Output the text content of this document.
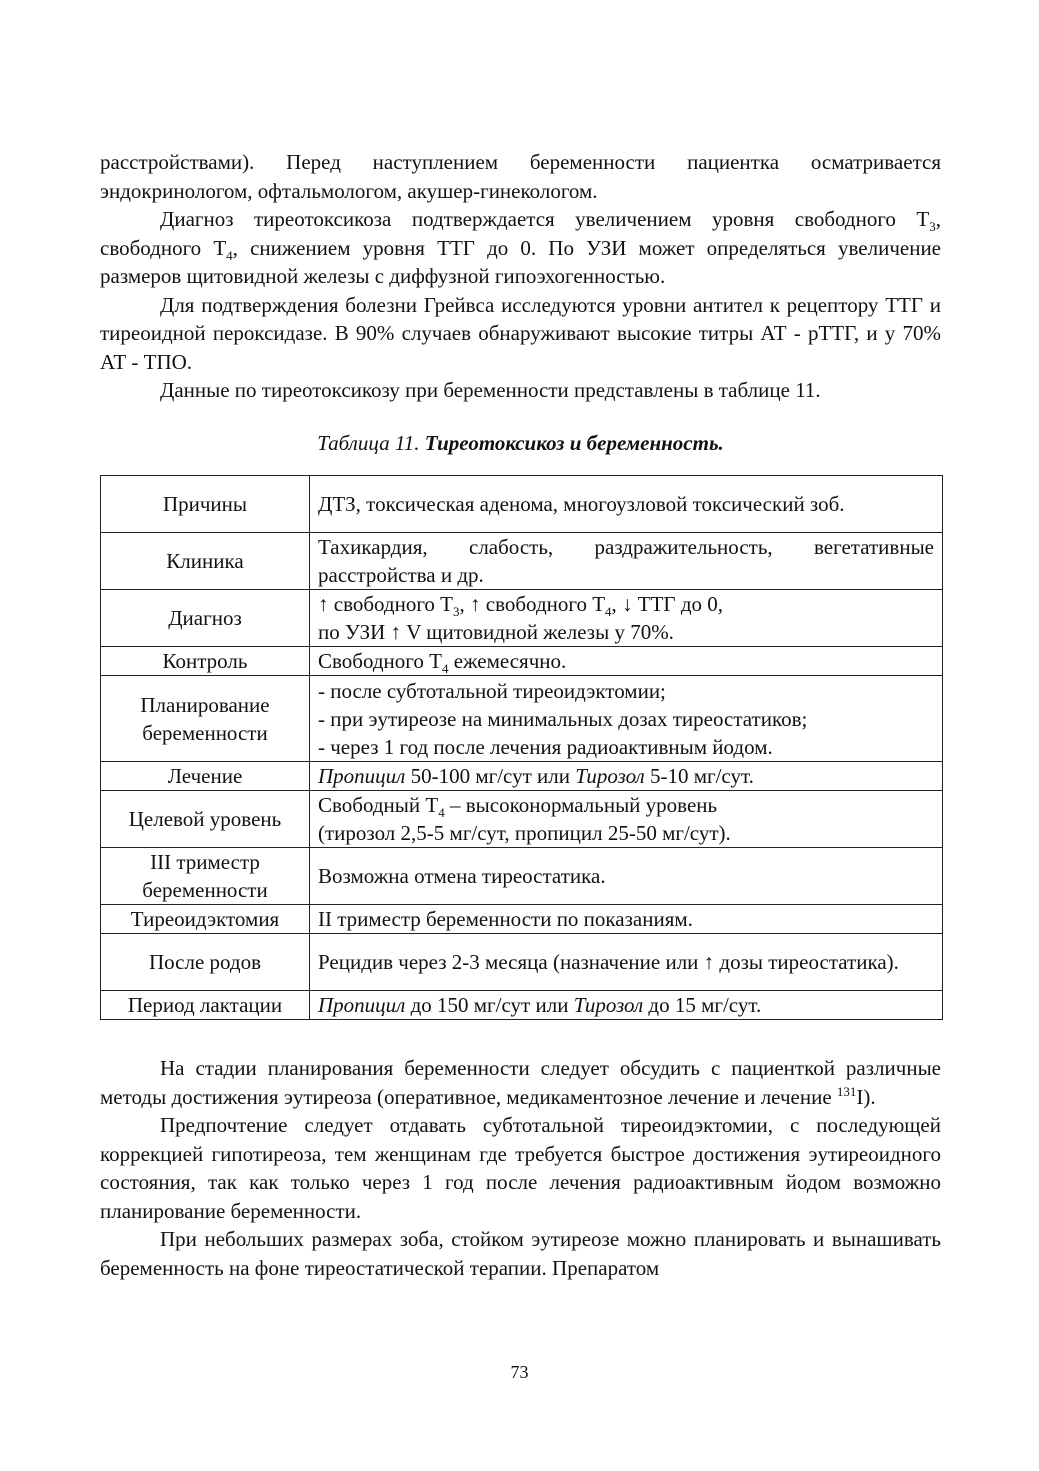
расстройствами). Перед наступлением беременности пациентка осматривается эндокринологом, офтальмологом, акушер-гинекологом.

Диагноз тиреотоксикоза подтверждается увеличением уровня свободного $Т_3$, свободного $Т_4$, снижением уровня ТТГ до 0. По УЗИ может определяться увеличение размеров щитовидной железы с диффузной гипоэхогенностью.

Для подтверждения болезни Грейвса исследуются уровни антител к рецептору ТТГ и тиреоидной пероксидазе. В 90% случаев обнаруживают высокие титры АТ - рТТГ, и у 70% АТ - ТПО.

Данные по тиреотоксикозу при беременности представлены в таблице 11.

Таблица 11. Тиреотоксикоз и беременность.
Причины	ДТЗ, токсическая аденома, многоузловой токсический зоб.
Клиника	Тахикардия, слабость, раздражительность, вегетативные расстройства и др.
Диагноз	↑ свободного $Т_3$, ↑ свободного $Т_4$, ↓ ТТГ до 0,
по УЗИ ↑ V щитовидной железы у 70%.
Контроль	Свободного $Т_4$ ежемесячно.
Планирование
беременности	- после субтотальной тиреоидэктомии;
- при эутиреозе на минимальных дозах тиреостатиков;
- через 1 год после лечения радиоактивным йодом.
Лечение	Пропицил 50-100 мг/сут или Тирозол 5-10 мг/сут.
Целевой уровень	Свободный $Т_4$ – высоконормальный уровень
(тирозол 2,5-5 мг/сут, пропицил 25-50 мг/сут).
III триместр
беременности	Возможна отмена тиреостатика.
Тиреоидэктомия	II триместр беременности по показаниям.
После родов	Рецидив через 2-3 месяца (назначение или ↑ дозы тиреостатика).
Период лактации	Пропицил до 150 мг/сут или Тирозол до 15 мг/сут.

На стадии планирования беременности следует обсудить с пациенткой различные методы достижения эутиреоза (оперативное, медикаментозное лечение и лечение $^{131}$I).

Предпочтение следует отдавать субтотальной тиреоидэктомии, с последующей коррекцией гипотиреоза, тем женщинам где требуется быстрое достижения эутиреоидного состояния, так как только через 1 год после лечения радиоактивным йодом возможно планирование беременности.

При небольших размерах зоба, стойком эутиреозе можно планировать и вынашивать беременность на фоне тиреостатической терапии. Препаратом

73
